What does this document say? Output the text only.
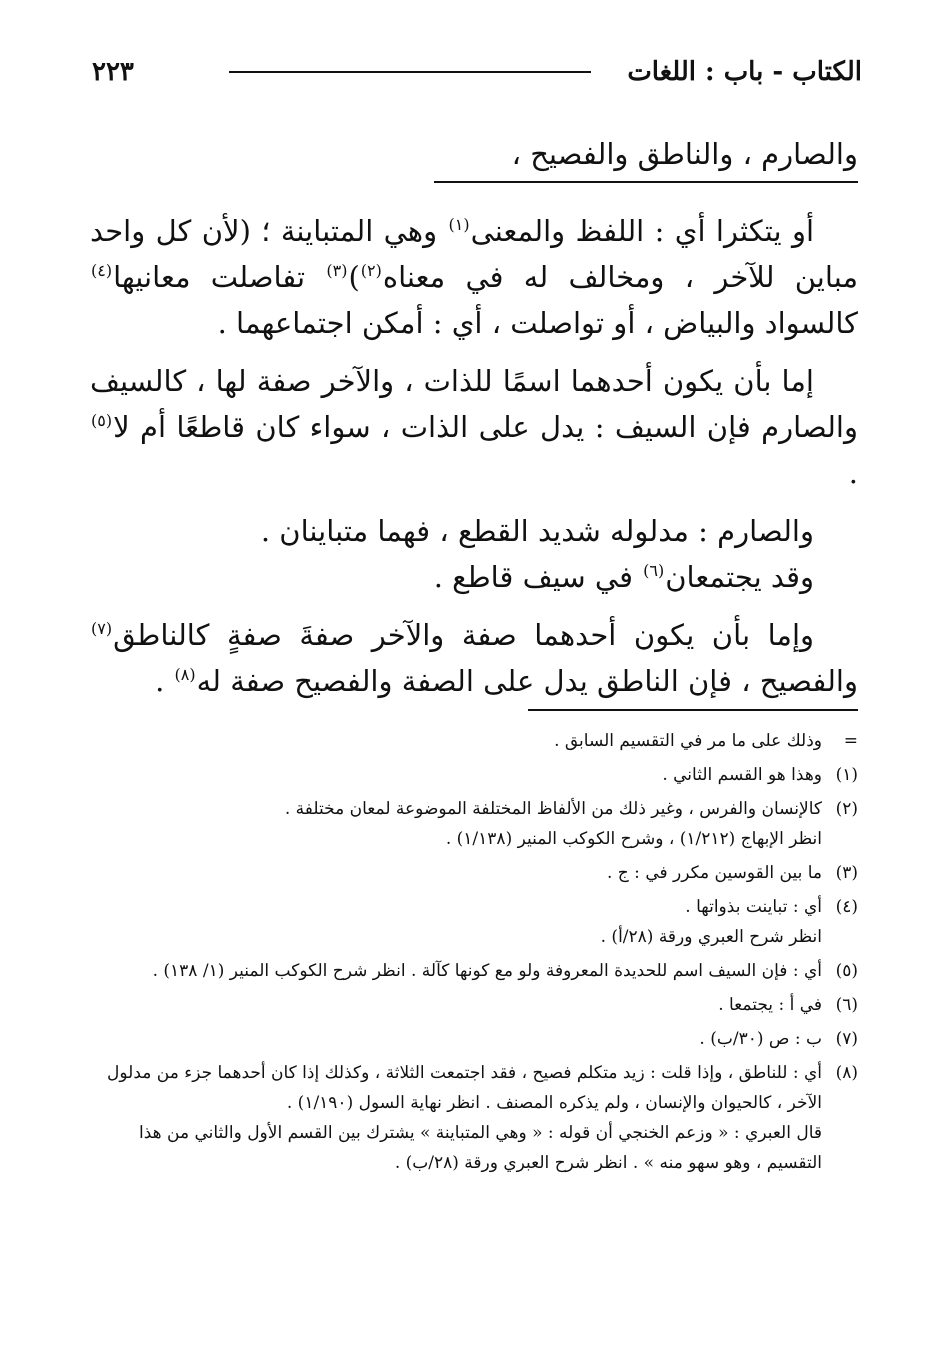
الكتاب - باب : اللغات
٢٢٣
والصارم ، والناطق والفصيح ،

أو يتكثرا أي : اللفظ والمعنى$^{(١)}$ وهي المتباينة ؛ (لأن كل واحد مباين للآخر ، ومخالف له في معناه$^{(٢)}$)$^{(٣)}$ تفاصلت معانيها$^{(٤)}$ كالسواد والبياض ، أو تواصلت ، أي : أمكن اجتماعهما .

إما بأن يكون أحدهما اسمًا للذات ، والآخر صفة لها ، كالسيف والصارم فإن السيف : يدل على الذات ، سواء كان قاطعًا أم لا$^{(٥)}$ .

والصارم : مدلوله شديد القطع ، فهما متباينان .

وقد يجتمعان$^{(٦)}$ في سيف قاطع .

وإما بأن يكون أحدهما صفة والآخر صفةَ صفةٍ كالناطق$^{(٧)}$ والفصيح ، فإن الناطق يدل على الصفة والفصيح صفة له$^{(٨)}$ .

=
وذلك على ما مر في التقسيم السابق .
(١)
وهذا هو القسم الثاني .
(٢)
كالإنسان والفرس ، وغير ذلك من الألفاظ المختلفة الموضوعة لمعان مختلفة .
انظر الإبهاج (١/٢١٢) ، وشرح الكوكب المنير (١/١٣٨) .
(٣)
ما بين القوسين مكرر في : ج .
(٤)
أي : تباينت بذواتها .
انظر شرح العبري ورقة (٢٨/أ) .
(٥)
أي : فإن السيف اسم للحديدة المعروفة ولو مع كونها كآلة . انظر شرح الكوكب المنير (١/ ١٣٨) .
(٦)
في أ : يجتمعا .
(٧)
ب : ص (٣٠/ب) .
(٨)
أي : للناطق ، وإذا قلت : زيد متكلم فصيح ، فقد اجتمعت الثلاثة ، وكذلك إذا كان أحدهما جزء من مدلول الآخر ، كالحيوان والإنسان ، ولم يذكره المصنف . انظر نهاية السول (١/١٩٠) .
قال العبري : « وزعم الخنجي أن قوله : « وهي المتباينة » يشترك بين القسم الأول والثاني من هذا التقسيم ، وهو سهو منه » . انظر شرح العبري ورقة (٢٨/ب) .
